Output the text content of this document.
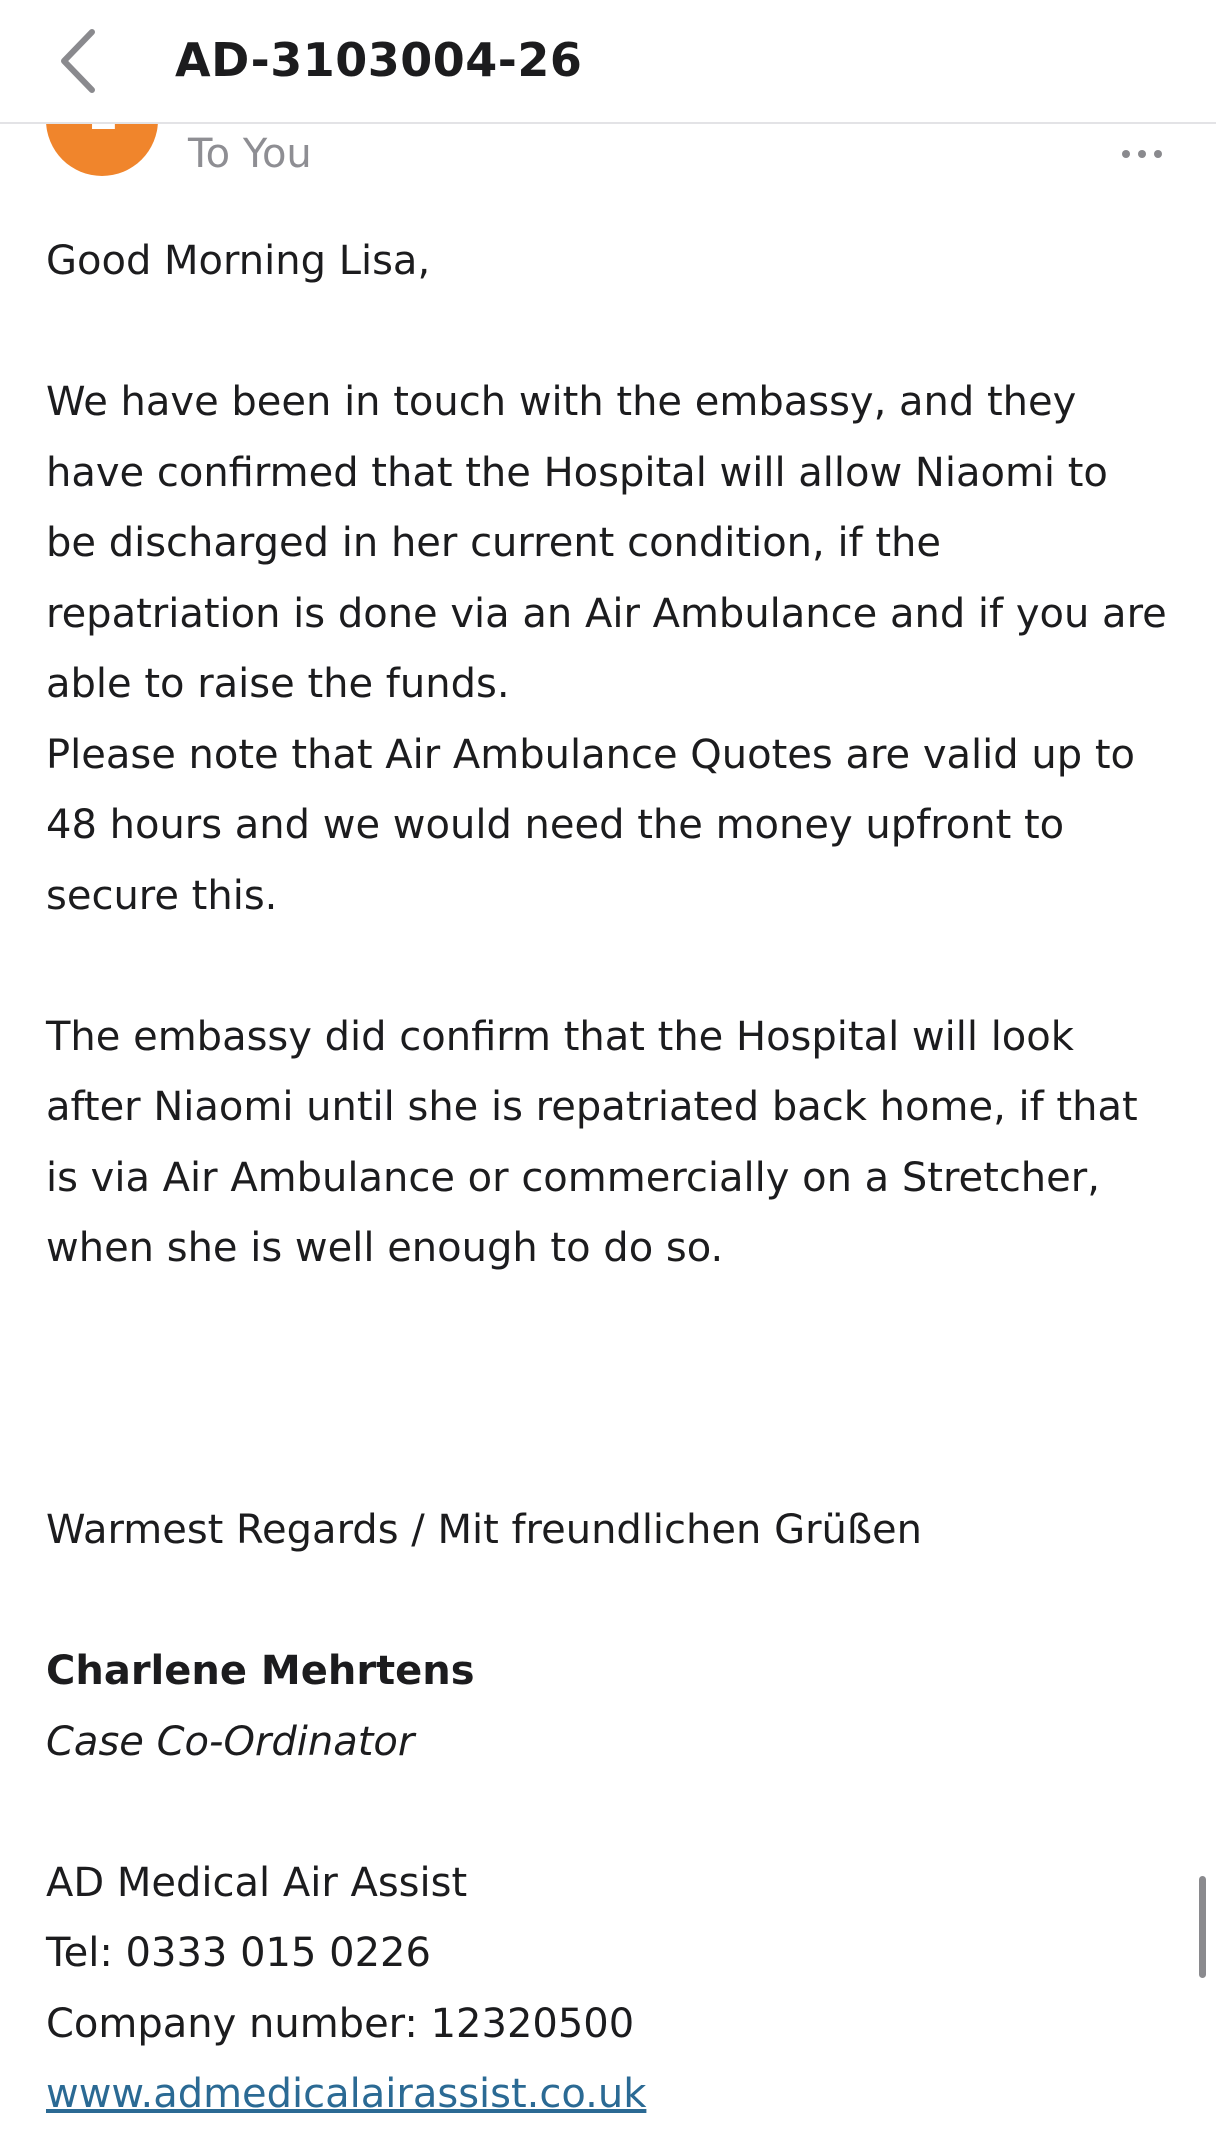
AD-3103004-26
To You

Good Morning Lisa,

We have been in touch with the embassy, and they

have confirmed that the Hospital will allow Niaomi to

be discharged in her current condition, if the

repatriation is done via an Air Ambulance and if you are

able to raise the funds.

Please note that Air Ambulance Quotes are valid up to

48 hours and we would need the money upfront to

secure this.

The embassy did confirm that the Hospital will look

after Niaomi until she is repatriated back home, if that

is via Air Ambulance or commercially on a Stretcher,

when she is well enough to do so.

Warmest Regards / Mit freundlichen Grüßen

Charlene Mehrtens

Case Co-Ordinator

AD Medical Air Assist

Tel: 0333 015 0226

Company number: 12320500

www.admedicalairassist.co.uk
